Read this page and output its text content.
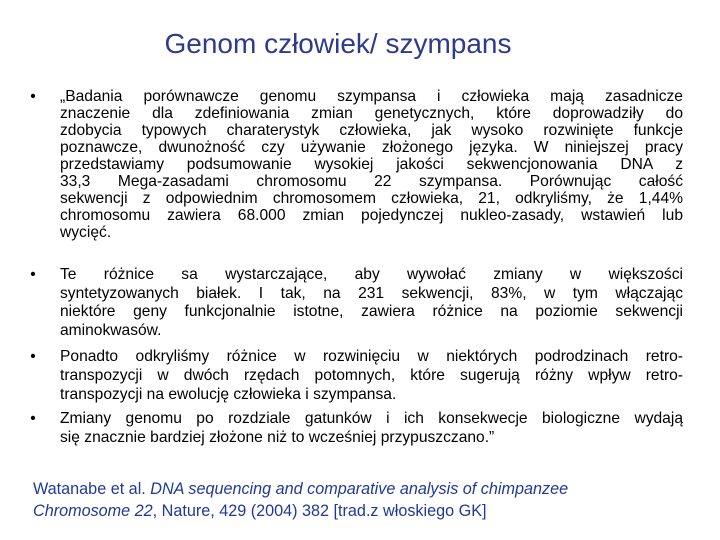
Genom człowiek/ szympans
• „Badania porównawcze genomu szympansa i człowieka mają zasadnicze
znaczenie dla zdefiniowania zmian genetycznych, które doprowadziły do
zdobycia typowych charaterystyk człowieka, jak wysoko rozwinięte funkcje
poznawcze, dwunożność czy używanie złożonego języka. W niniejszej pracy
przedstawiamy podsumowanie wysokiej jakości sekwencjonowania DNA z
33,3 Mega-zasadami chromosomu 22 szympansa. Porównując całość
sekwencji z odpowiednim chromosomem człowieka, 21, odkryliśmy, że 1,44%
chromosomu zawiera 68.000 zmian pojedynczej nukleo-zasady, wstawień lub
wycięć.
• Te różnice sa wystarczające, aby wywołać zmiany w większości
syntetyzowanych białek. I tak, na 231 sekwencji, 83%, w tym włączając
niektóre geny funkcjonalnie istotne, zawiera różnice na poziomie sekwencji
aminokwasów.
• Ponadto odkryliśmy różnice w rozwinięciu w niektórych podrodzinach retro-
transpozycji w dwóch rzędach potomnych, które sugerują różny wpływ retro-
transpozycji na ewolucję człowieka i szympansa.
• Zmiany genomu po rozdziale gatunków i ich konsekwecje biologiczne wydają
się znacznie bardziej złożone niż to wcześniej przypuszczano.”
Watanabe et al. DNA sequencing and comparative analysis of chimpanzee
Chromosome 22, Nature, 429 (2004) 382 [trad.z włoskiego GK]
